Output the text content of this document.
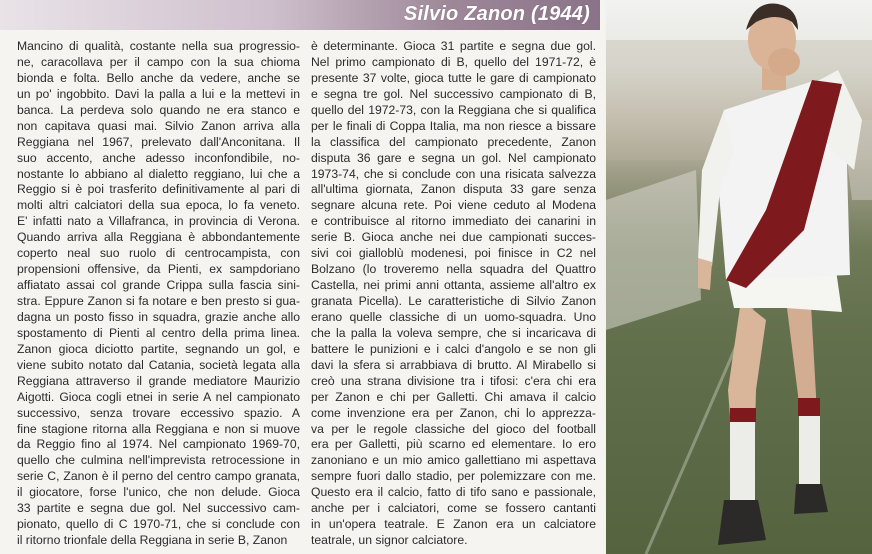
Silvio Zanon (1944)
Mancino di qualità, costante nella sua progressio-
ne, caracollava per il campo con la sua chioma
bionda e folta. Bello anche da vedere, anche se
un po' ingobbito. Davi la palla a lui e la mettevi in
banca. La perdeva solo quando ne era stanco e
non capitava quasi mai. Silvio Zanon arriva alla
Reggiana nel 1967, prelevato dall'Anconitana. Il
suo accento, anche adesso inconfondibile, no-
nostante lo abbiano al dialetto reggiano, lui che a
Reggio si è poi trasferito definitivamente al pari di
molti altri calciatori della sua epoca, lo fa veneto.
E' infatti nato a Villafranca, in provincia di Verona.
Quando arriva alla Reggiana è abbondantemente
coperto neal suo ruolo di centrocampista, con
propensioni offensive, da Pienti, ex sampdoriano
affiatato assai col grande Crippa sulla fascia sini-
stra. Eppure Zanon si fa notare e ben presto si gua-
dagna un posto fisso in squadra, grazie anche allo
spostamento di Pienti al centro della prima linea.
Zanon gioca diciotto partite, segnando un gol, e
viene subito notato dal Catania, società legata alla
Reggiana attraverso il grande mediatore Maurizio
Aigotti. Gioca cogli etnei in serie A nel campionato
successivo, senza trovare eccessivo spazio. A
fine stagione ritorna alla Reggiana e non si muove
da Reggio fino al 1974. Nel campionato 1969-70,
quello che culmina nell'imprevista retrocessione in
serie C, Zanon è il perno del centro campo granata,
il giocatore, forse l'unico, che non delude. Gioca
33 partite e segna due gol. Nel successivo cam-
pionato, quello di C 1970-71, che si conclude con
il ritorno trionfale della Reggiana in serie B, Zanon
è determinante. Gioca 31 partite e segna due gol.
Nel primo campionato di B, quello del 1971-72, è
presente 37 volte, gioca tutte le gare di campionato
e segna tre gol. Nel successivo campionato di B,
quello del 1972-73, con la Reggiana che si qualifica
per le finali di Coppa Italia, ma non riesce a bissare
la classifica del campionato precedente, Zanon
disputa 36 gare e segna un gol. Nel campionato
1973-74, che si conclude con una risicata salvezza
all'ultima giornata, Zanon disputa 33 gare senza
segnare alcuna rete. Poi viene ceduto al Modena
e contribuisce al ritorno immediato dei canarini in
serie B. Gioca anche nei due campionati succes-
sivi coi gialloblù modenesi, poi finisce in C2 nel
Bolzano (lo troveremo nella squadra del Quattro
Castella, nei primi anni ottanta, assieme all'altro ex
granata Picella). Le caratteristiche di Silvio Zanon
erano quelle classiche di un uomo-squadra. Uno
che la palla la voleva sempre, che si incaricava di
battere le punizioni e i calci d'angolo e se non gli
davi la sfera si arrabbiava di brutto. Al Mirabello si
creò una strana divisione tra i tifosi: c'era chi era
per Zanon e chi per Galletti. Chi amava il calcio
come invenzione era per Zanon, chi lo apprezza-
va per le regole classiche del gioco del football
era per Galletti, più scarno ed elementare. Io ero
zanoniano e un mio amico gallettiano mi aspettava
sempre fuori dallo stadio, per polemizzare con me.
Questo era il calcio, fatto di tifo sano e passionale,
anche per i calciatori, come se fossero cantanti
in un'opera teatrale. E Zanon era un calciatore
teatrale, un signor calciatore.
